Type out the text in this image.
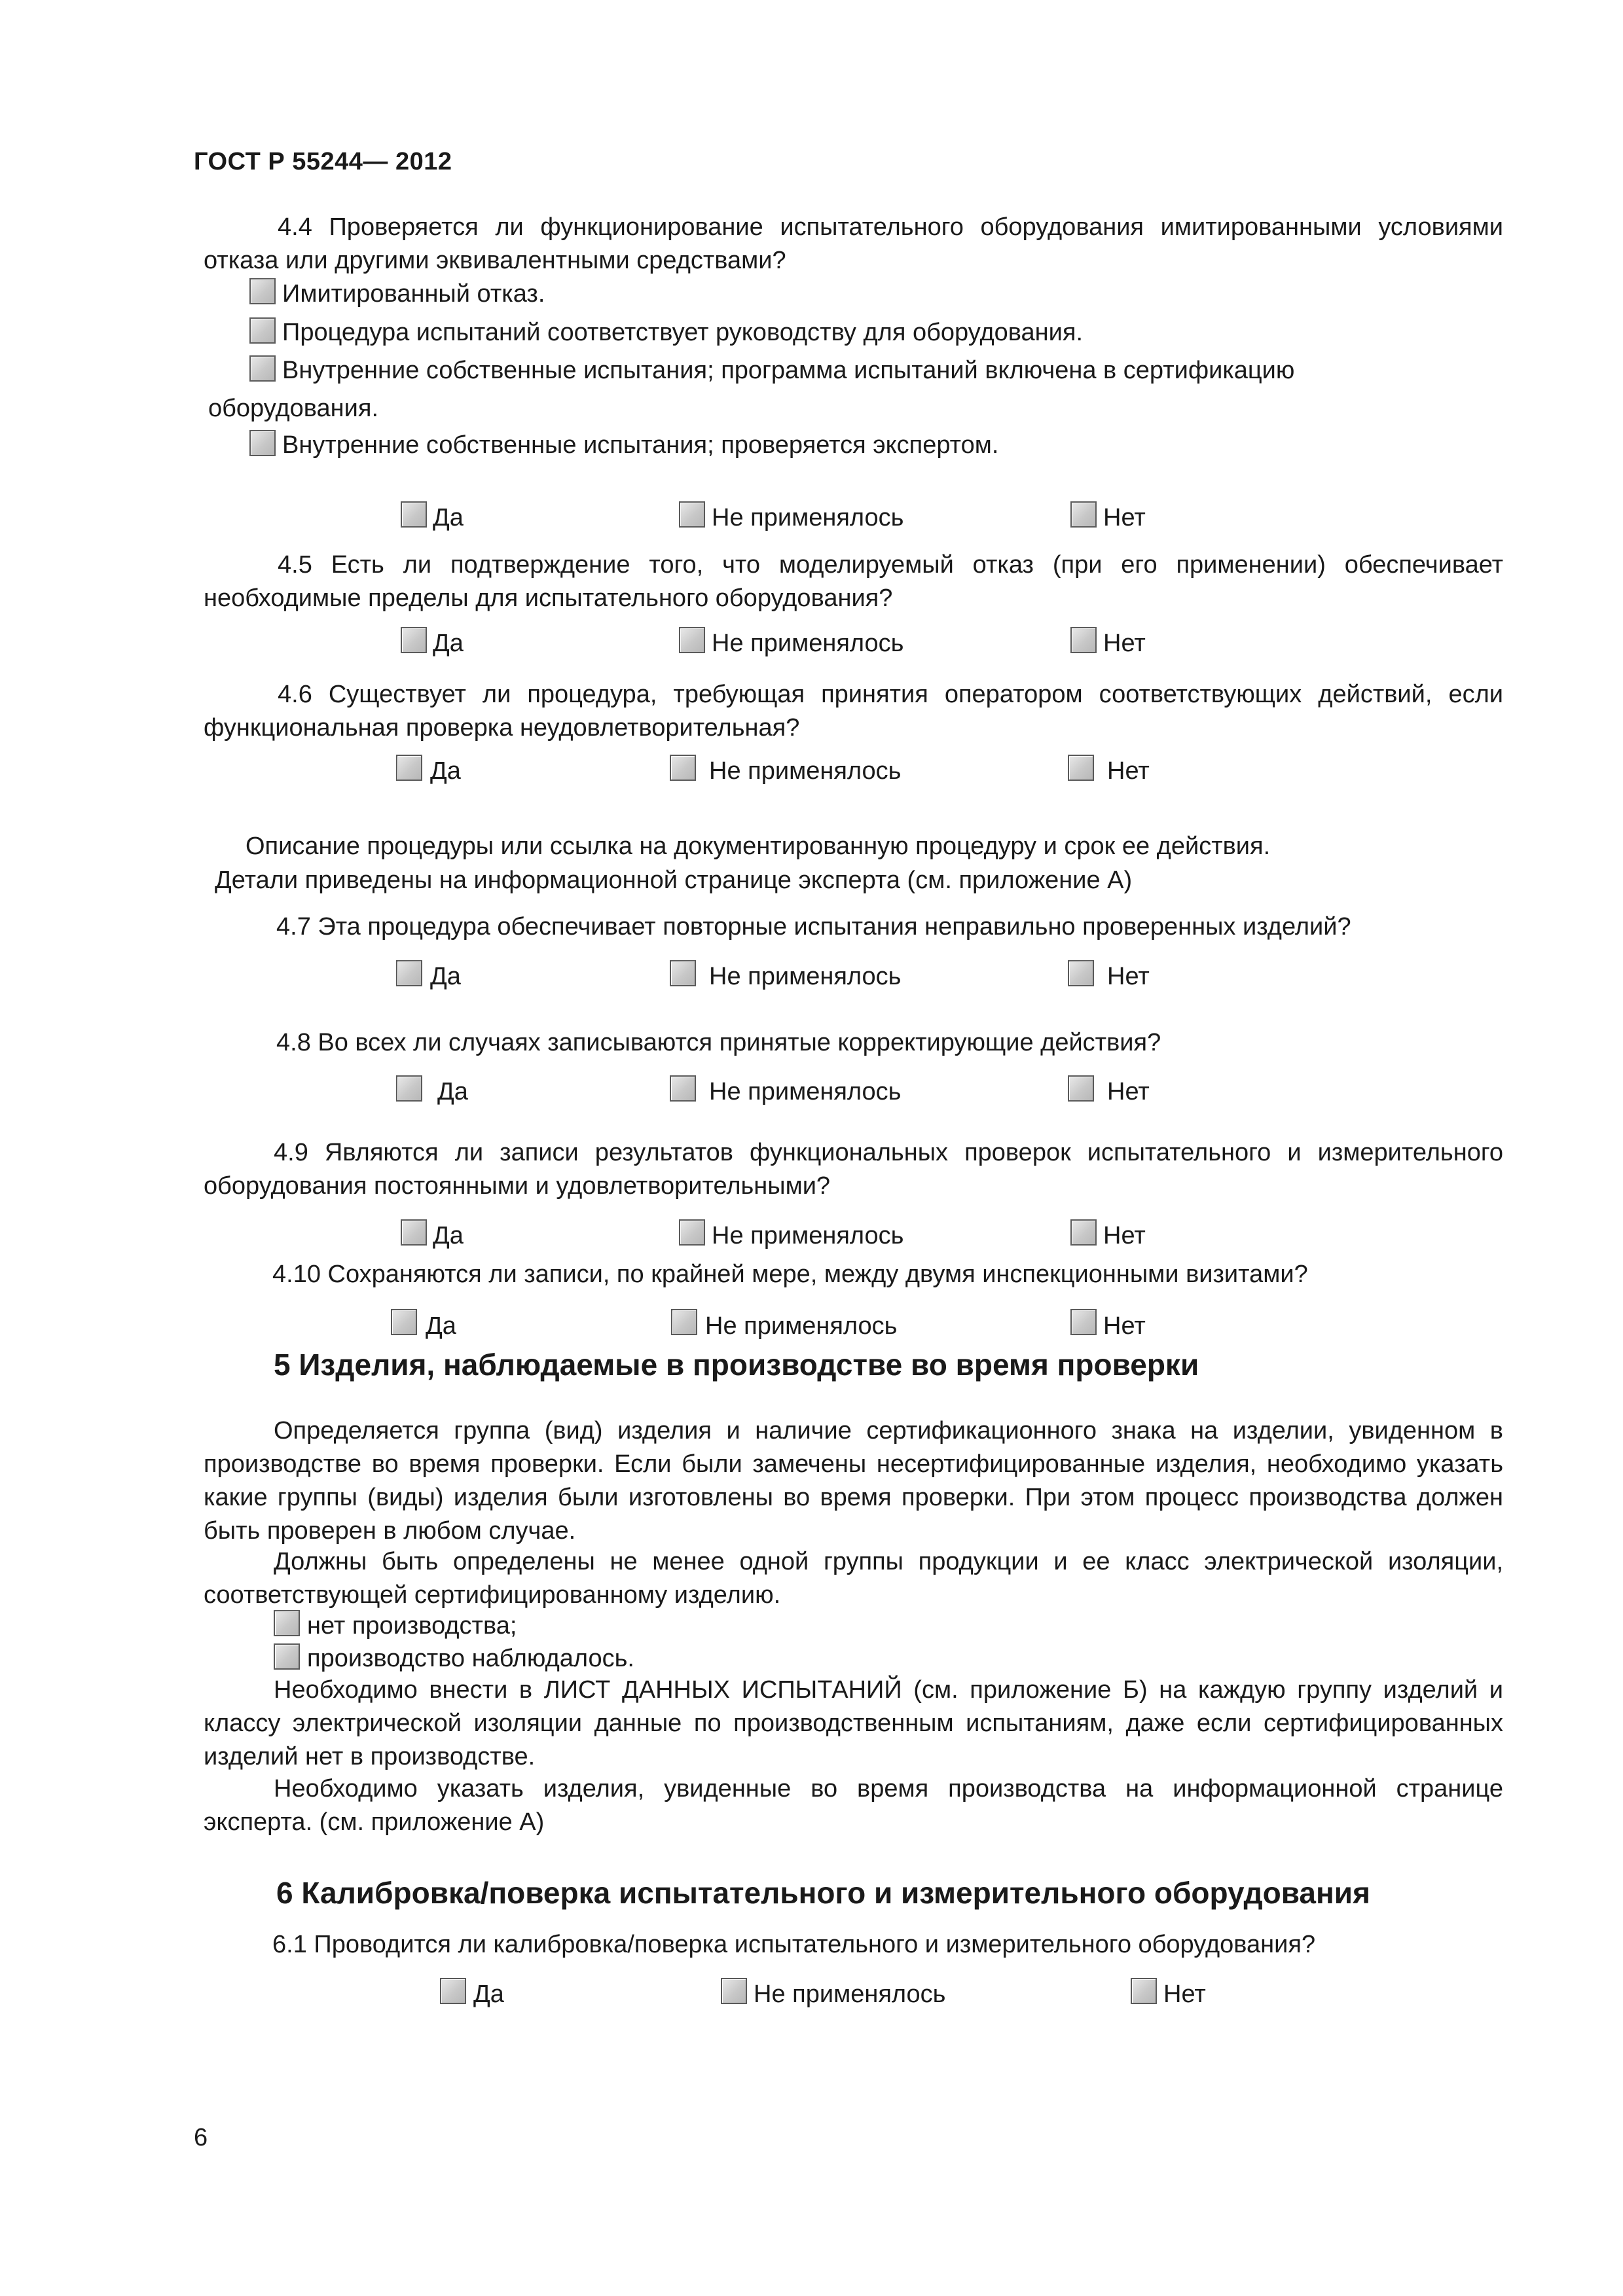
ГОСТ Р 55244— 2012
4.4 Проверяется ли функционирование испытательного оборудования имитированными условиями отказа или другими эквивалентными средствами?
Имитированный отказ.
Процедура испытаний соответствует руководству для оборудования.
Внутренние собственные испытания; программа испытаний включена в сертификацию
оборудования.
Внутренние собственные испытания; проверяется экспертом.
Да	Не применялось	Нет
4.5 Есть ли подтверждение того, что моделируемый отказ (при его применении) обеспечивает необходимые пределы для испытательного оборудования?
Да	Не применялось	Нет
4.6 Существует ли процедура, требующая принятия оператором соответствующих действий, если функциональная проверка неудовлетворительная?
Да	Не применялось	Нет
Описание процедуры или ссылка на документированную процедуру и срок ее действия.
Детали приведены на информационной странице эксперта (см. приложение А)
4.7 Эта процедура обеспечивает повторные испытания неправильно проверенных изделий?
Да	Не применялось	Нет
4.8 Во всех ли случаях записываются принятые корректирующие действия?
Да	Не применялось	Нет
4.9 Являются ли записи результатов функциональных проверок испытательного и измерительного оборудования постоянными и удовлетворительными?
Да	Не применялось	Нет
4.10 Сохраняются ли записи, по крайней мере, между двумя инспекционными визитами?
Да	Не применялось	Нет
5 Изделия, наблюдаемые в производстве во время проверки
Определяется группа (вид) изделия и наличие сертификационного знака на изделии, увиденном в производстве во время проверки. Если были замечены несертифицированные изделия, необходимо указать какие группы (виды) изделия были изготовлены во время проверки. При этом процесс производства должен быть проверен в любом случае.
Должны быть определены не менее одной группы продукции и ее класс электрической изоляции, соответствующей сертифицированному изделию.
нет производства;
производство наблюдалось.
Необходимо внести в ЛИСТ ДАННЫХ ИСПЫТАНИЙ (см. приложение Б) на каждую группу изделий и классу электрической изоляции данные по производственным испытаниям, даже если сертифицированных изделий нет в производстве.
Необходимо указать изделия, увиденные во время производства на информационной странице эксперта. (см. приложение А)
6 Калибровка/поверка испытательного и измерительного оборудования
6.1 Проводится ли калибровка/поверка испытательного и измерительного оборудования?
Да	Не применялось	Нет
6
